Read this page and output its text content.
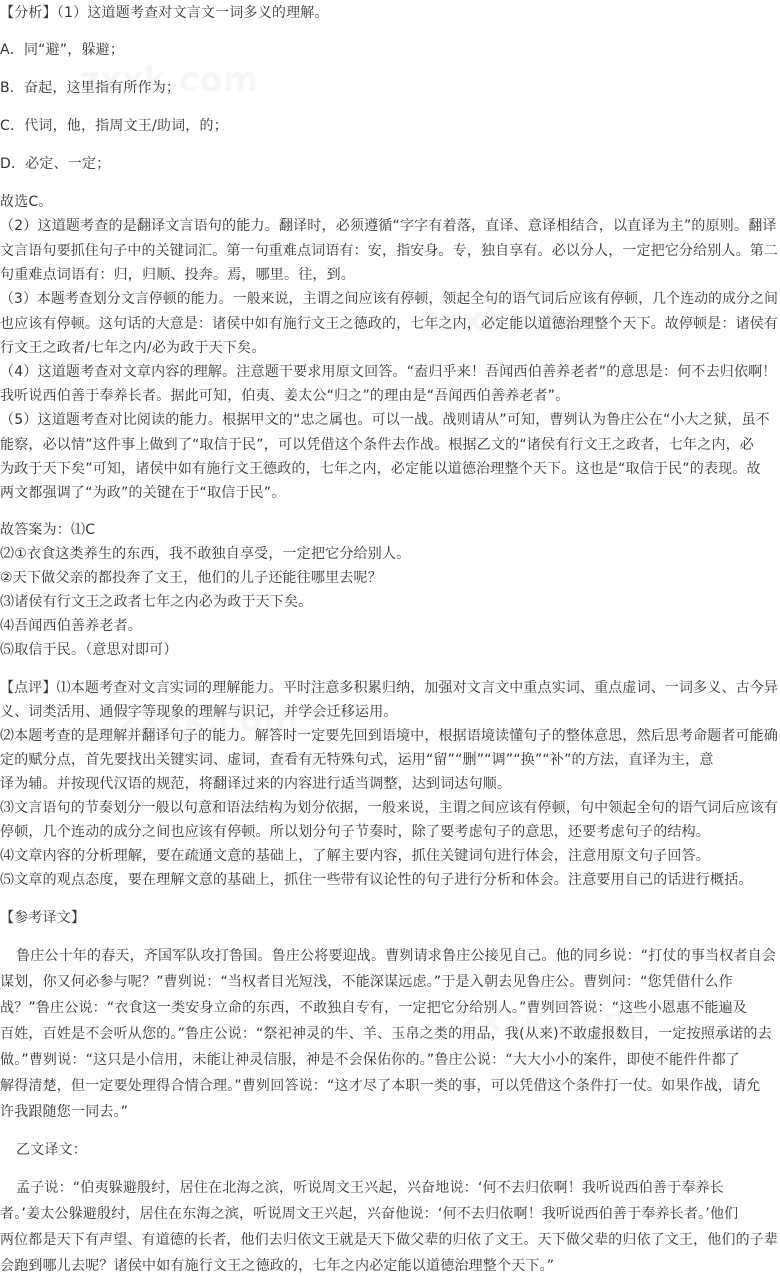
【分析】（1）这道题考查对文言文一词多义的理解。
A．同“避”，躲避；
B．奋起，这里指有所作为；
C．代词，他，指周文王/助词，的；
D．必定、一定；
故选C。
（2）这道题考查的是翻译文言语句的能力。翻译时，必须遵循“字字有着落，直译、意译相结合，以直译为主”的原则。翻译
文言语句要抓住句子中的关键词汇。第一句重难点词语有：安，指安身。专，独自享有。必以分人，一定把它分给别人。第二
句重难点词语有：归，归顺、投奔。焉，哪里。往，到。
（3）本题考查划分文言停顿的能力。一般来说，主谓之间应该有停顿，领起全句的语气词后应该有停顿，几个连动的成分之间
也应该有停顿。这句话的大意是：诸侯中如有施行文王之德政的，七年之内，必定能以道德治理整个天下。故停顿是：诸侯有
行文王之政者/七年之内/必为政于天下矣。
（4）这道题考查对文章内容的理解。注意题干要求用原文回答。“盍归乎来！吾闻西伯善养老者”的意思是：何不去归依啊！
我听说西伯善于奉养长者。据此可知，伯夷、姜太公“归之”的理由是“吾闻西伯善养老者”。
（5）这道题考查对比阅读的能力。根据甲文的“忠之属也。可以一战。战则请从”可知，曹刿认为鲁庄公在“小大之狱，虽不
能察，必以情”这件事上做到了“取信于民”，可以凭借这个条件去作战。根据乙文的“诸侯有行文王之政者，七年之内，必
为政于天下矣”可知，诸侯中如有施行文王德政的，七年之内，必定能以道德治理整个天下。这也是“取信于民”的表现。故
两文都强调了“为政”的关键在于“取信于民”。
故答案为：⑴C
⑵①衣食这类养生的东西，我不敢独自享受，一定把它分给别人。
②天下做父亲的都投奔了文王，他们的儿子还能往哪里去呢？
⑶诸侯有行文王之政者七年之内必为政于天下矣。
⑷吾闻西伯善养老者。
⑸取信于民。（意思对即可）
【点评】⑴本题考查对文言实词的理解能力。平时注意多积累归纳，加强对文言文中重点实词、重点虚词、一词多义、古今异
义、词类活用、通假字等现象的理解与识记，并学会迁移运用。
⑵本题考查的是理解并翻译句子的能力。解答时一定要先回到语境中，根据语境读懂句子的整体意思，然后思考命题者可能确
定的赋分点，首先要找出关键实词、虚词，查看有无特殊句式，运用“留”“删”“调”“换”“补”的方法，直译为主，意
译为辅。并按现代汉语的规范，将翻译过来的内容进行适当调整，达到词达句顺。
⑶文言语句的节奏划分一般以句意和语法结构为划分依据，一般来说，主谓之间应该有停顿，句中领起全句的语气词后应该有
停顿，几个连动的成分之间也应该有停顿。所以划分句子节奏时，除了要考虑句子的意思，还要考虑句子的结构。
⑷文章内容的分析理解，要在疏通文意的基础上，了解主要内容，抓住关键词句进行体会，注意用原文句子回答。
⑸文章的观点态度，要在理解文意的基础上，抓住一些带有议论性的句子进行分析和体会。注意要用自己的话进行概括。
【参考译文】
鲁庄公十年的春天，齐国军队攻打鲁国。鲁庄公将要迎战。曹刿请求鲁庄公接见自己。他的同乡说：“打仗的事当权者自会
谋划，你又何必参与呢？”曹刿说：“当权者目光短浅，不能深谋远虑。”于是入朝去见鲁庄公。曹刿问：“您凭借什么作
战？”鲁庄公说：“衣食这一类安身立命的东西，不敢独自专有，一定把它分给别人。”曹刿回答说：“这些小恩惠不能遍及
百姓，百姓是不会听从您的。”鲁庄公说：“祭祀神灵的牛、羊、玉帛之类的用品，我(从来)不敢虚报数目，一定按照承诺的去
做。”曹刿说：“这只是小信用，未能让神灵信服，神是不会保佑你的。”鲁庄公说：“大大小小的案件，即使不能件件都了
解得清楚，但一定要处理得合情合理。”曹刿回答说：“这才尽了本职一类的事，可以凭借这个条件打一仗。如果作战，请允
许我跟随您一同去。”
乙文译文：
孟子说：“伯夷躲避殷纣，居住在北海之滨，听说周文王兴起，兴奋地说：‘何不去归依啊！我听说西伯善于奉养长
者。’姜太公躲避殷纣，居住在东海之滨，听说周文王兴起，兴奋他说：‘何不去归依啊！我听说西伯善于奉养长者。’他们
两位都是天下有声望、有道德的长者，他们去归依文王就是天下做父辈的归依了文王。天下做父辈的归依了文王，他们的子辈
会跑到哪儿去呢？诸侯中如有施行文王之德政的，七年之内必定能以道德治理整个天下。”
